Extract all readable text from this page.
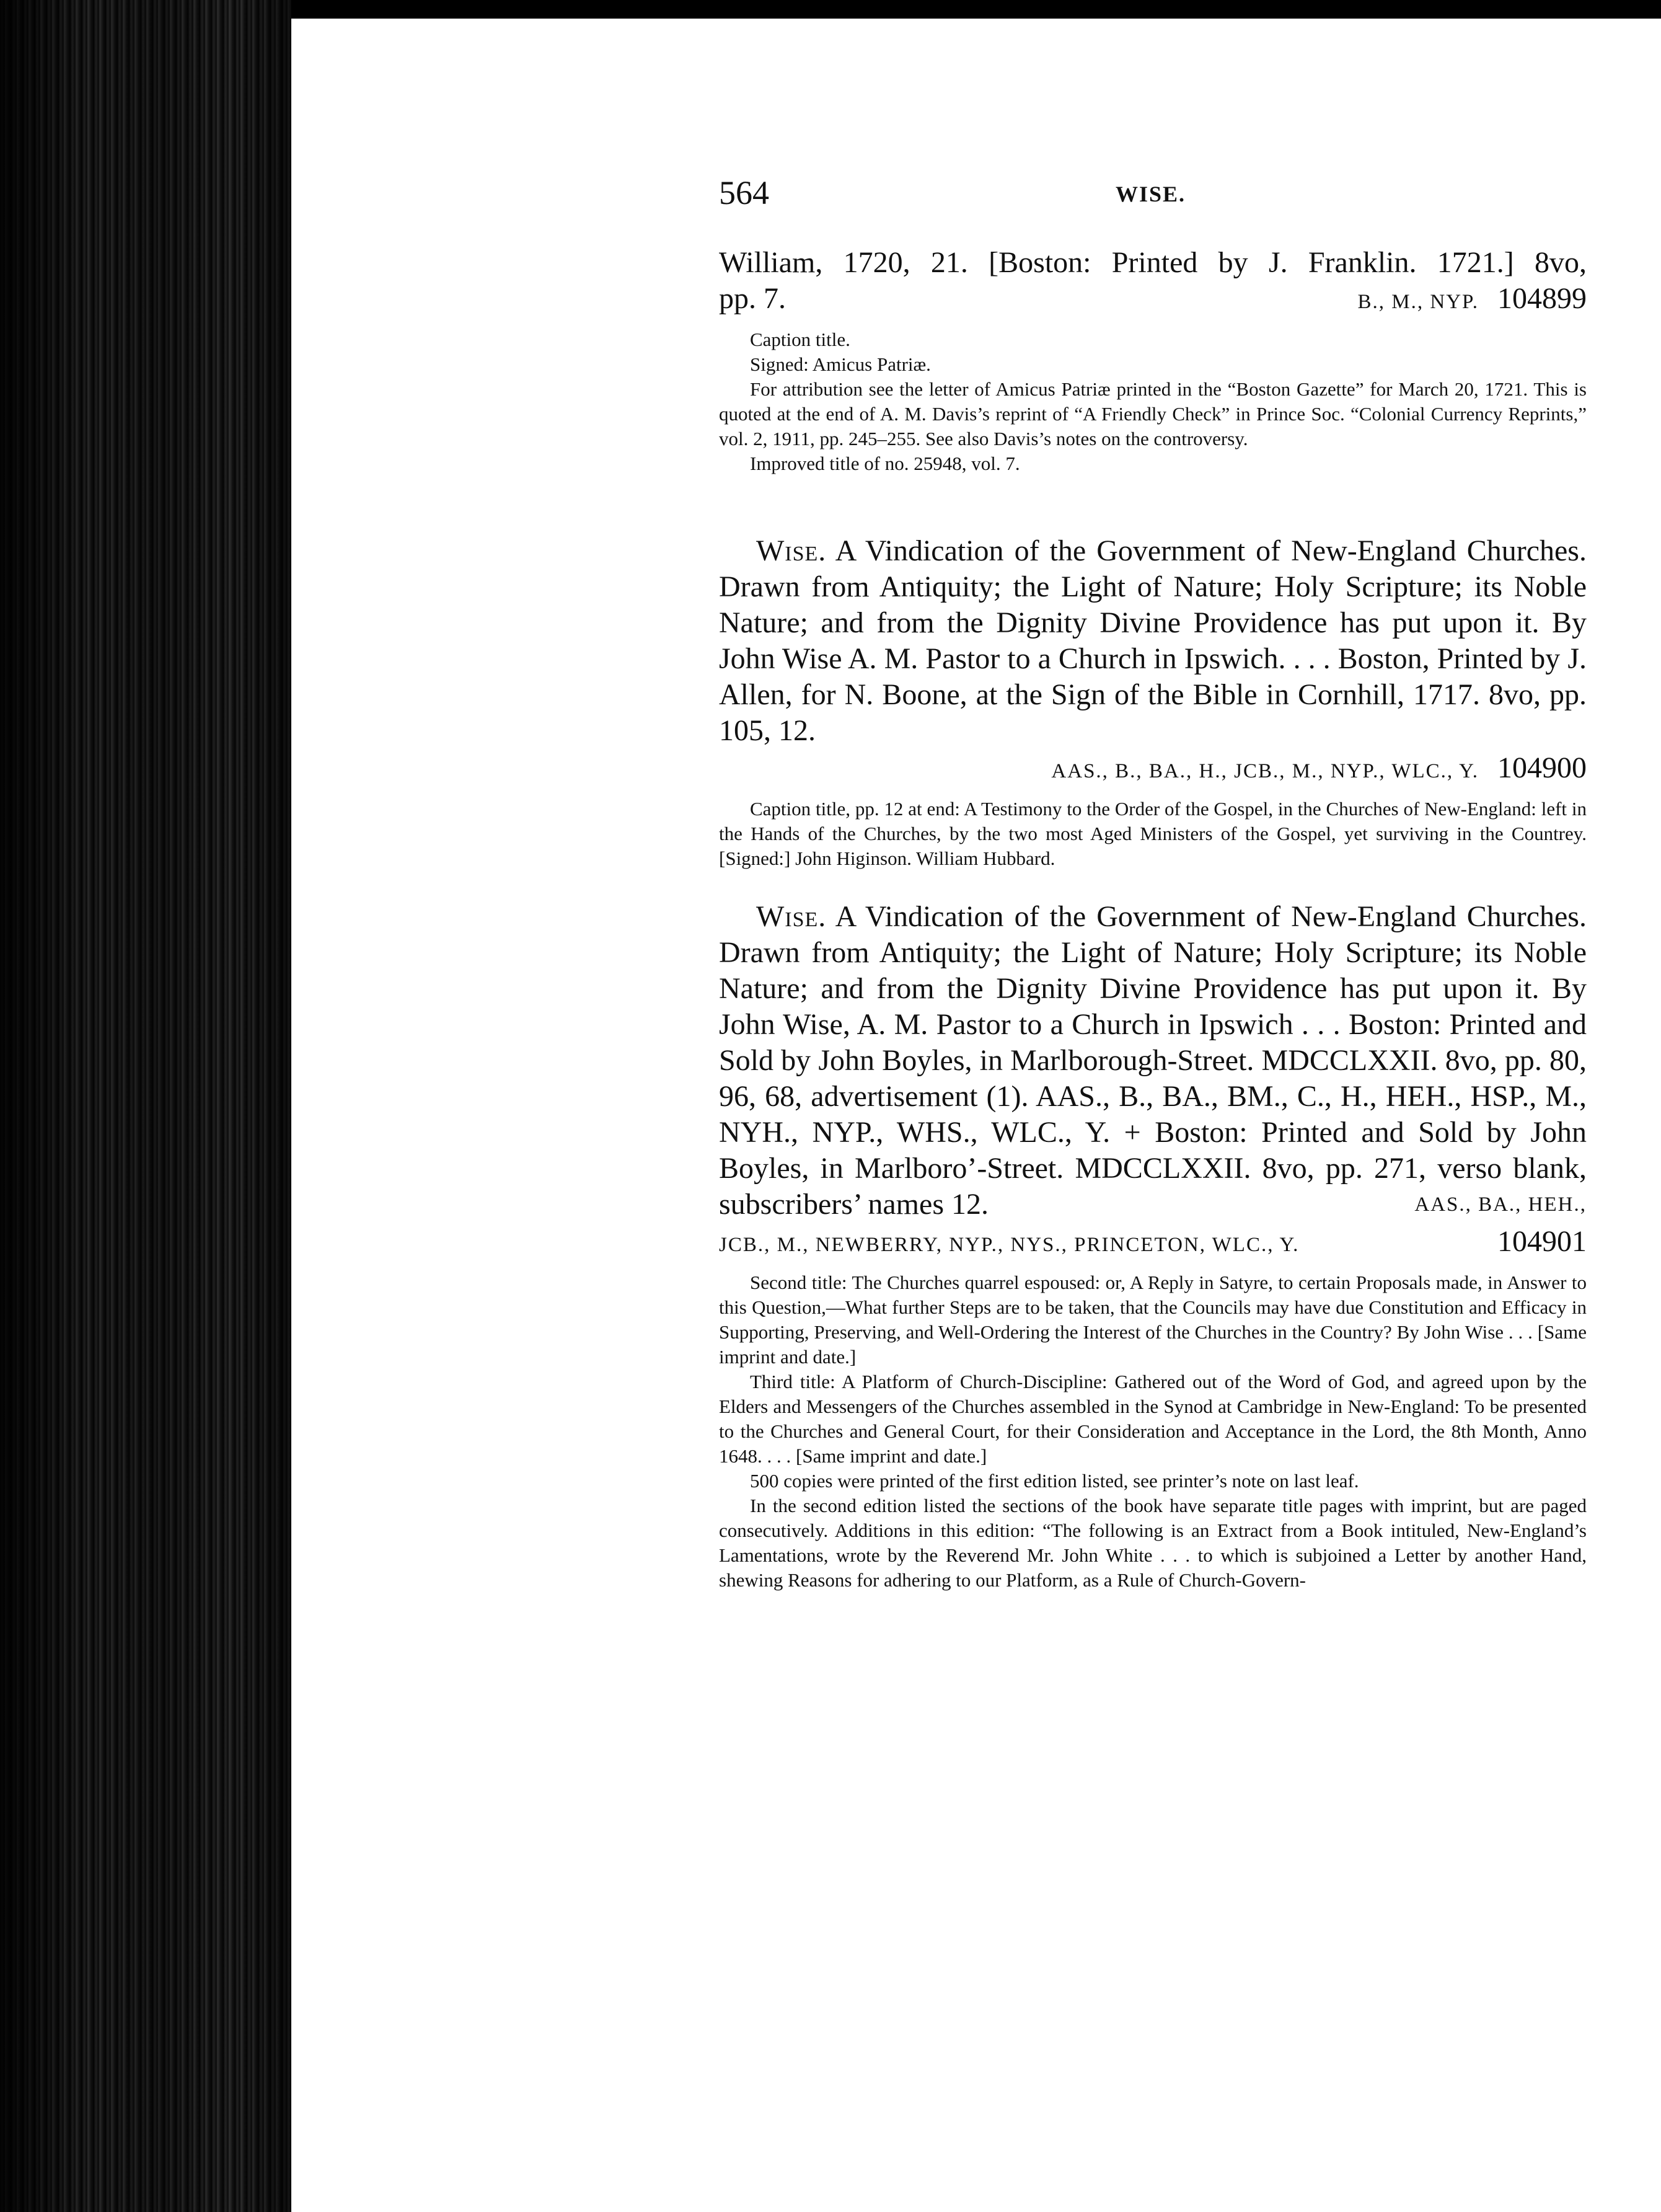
564	WISE.

William, 1720, 21. [Boston: Printed by J. Franklin. 1721.] 8vo,

pp. 7.	B., M., NYP. 104899

Caption title.

Signed: Amicus Patriæ.

For attribution see the letter of Amicus Patriæ printed in the “Boston Gazette” for March 20, 1721. This is quoted at the end of A. M. Davis’s reprint of “A Friendly Check” in Prince Soc. “Colonial Currency Reprints,” vol. 2, 1911, pp. 245–255. See also Davis’s notes on the controversy.

Improved title of no. 25948, vol. 7.

Wise. A Vindication of the Government of New-England Churches. Drawn from Antiquity; the Light of Nature; Holy Scripture; its Noble Nature; and from the Dignity Divine Providence has put upon it. By John Wise A. M. Pastor to a Church in Ipswich. . . . Boston, Printed by J. Allen, for N. Boone, at the Sign of the Bible in Cornhill, 1717. 8vo, pp. 105, 12.

AAS., B., BA., H., JCB., M., NYP., WLC., Y. 104900

Caption title, pp. 12 at end: A Testimony to the Order of the Gospel, in the Churches of New-England: left in the Hands of the Churches, by the two most Aged Ministers of the Gospel, yet surviving in the Countrey. [Signed:] John Higinson. William Hubbard.

Wise. A Vindication of the Government of New-England Churches. Drawn from Antiquity; the Light of Nature; Holy Scripture; its Noble Nature; and from the Dignity Divine Providence has put upon it. By John Wise, A. M. Pastor to a Church in Ipswich . . . Boston: Printed and Sold by John Boyles, in Marlborough-Street. MDCCLXXII. 8vo, pp. 80, 96, 68, advertisement (1). AAS., B., BA., BM., C., H., HEH., HSP., M., NYH., NYP., WHS., WLC., Y. + Boston: Printed and Sold by John Boyles, in Marlboro’-Street. MDCCLXXII. 8vo, pp. 271, verso blank, subscribers’ names 12.	AAS., BA., HEH.,

JCB., M., NEWBERRY, NYP., NYS., PRINCETON, WLC., Y.	104901

Second title: The Churches quarrel espoused: or, A Reply in Satyre, to certain Proposals made, in Answer to this Question,—What further Steps are to be taken, that the Councils may have due Constitution and Efficacy in Supporting, Preserving, and Well-Ordering the Interest of the Churches in the Country? By John Wise . . . [Same imprint and date.]

Third title: A Platform of Church-Discipline: Gathered out of the Word of God, and agreed upon by the Elders and Messengers of the Churches assembled in the Synod at Cambridge in New-England: To be presented to the Churches and General Court, for their Consideration and Acceptance in the Lord, the 8th Month, Anno 1648. . . . [Same imprint and date.]

500 copies were printed of the first edition listed, see printer’s note on last leaf.

In the second edition listed the sections of the book have separate title pages with imprint, but are paged consecutively. Additions in this edition: “The following is an Extract from a Book intituled, New-England’s Lamentations, wrote by the Reverend Mr. John White . . . to which is subjoined a Letter by another Hand, shewing Reasons for adhering to our Platform, as a Rule of Church-Govern-
